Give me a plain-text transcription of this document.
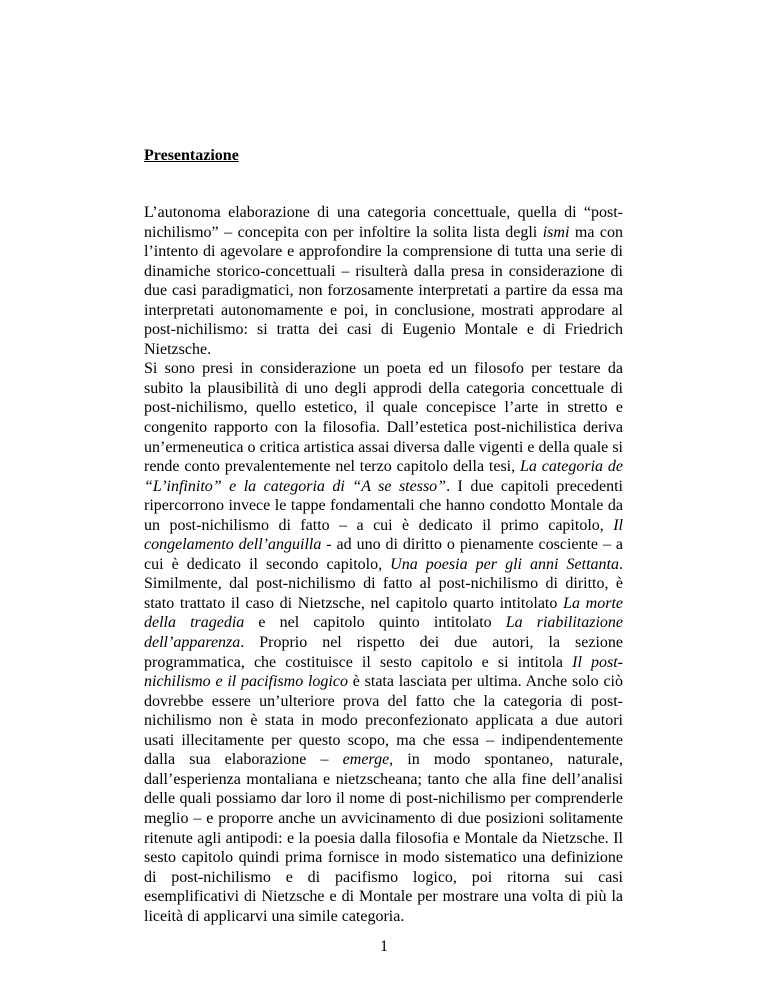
Presentazione

L’autonoma elaborazione di una categoria concettuale, quella di “post-nichilismo” – concepita con per infoltire la solita lista degli ismi ma con l’intento di agevolare e approfondire la comprensione di tutta una serie di dinamiche storico-concettuali – risulterà dalla presa in considerazione di due casi paradigmatici, non forzosamente interpretati a partire da essa ma interpretati autonomamente e poi, in conclusione, mostrati approdare al post-nichilismo: si tratta dei casi di Eugenio Montale e di Friedrich Nietzsche.

Si sono presi in considerazione un poeta ed un filosofo per testare da subito la plausibilità di uno degli approdi della categoria concettuale di post-nichilismo, quello estetico, il quale concepisce l’arte in stretto e congenito rapporto con la filosofia. Dall’estetica post-nichilistica deriva un’ermeneutica o critica artistica assai diversa dalle vigenti e della quale si rende conto prevalentemente nel terzo capitolo della tesi, La categoria de “L’infinito” e la categoria di “A se stesso”. I due capitoli precedenti ripercorrono invece le tappe fondamentali che hanno condotto Montale da un post-nichilismo di fatto – a cui è dedicato il primo capitolo, Il congelamento dell’anguilla - ad uno di diritto o pienamente cosciente – a cui è dedicato il secondo capitolo, Una poesia per gli anni Settanta. Similmente, dal post-nichilismo di fatto al post-nichilismo di diritto, è stato trattato il caso di Nietzsche, nel capitolo quarto intitolato La morte della tragedia e nel capitolo quinto intitolato La riabilitazione dell’apparenza. Proprio nel rispetto dei due autori, la sezione programmatica, che costituisce il sesto capitolo e si intitola Il post-nichilismo e il pacifismo logico è stata lasciata per ultima. Anche solo ciò dovrebbe essere un’ulteriore prova del fatto che la categoria di post-nichilismo non è stata in modo preconfezionato applicata a due autori usati illecitamente per questo scopo, ma che essa – indipendentemente dalla sua elaborazione – emerge, in modo spontaneo, naturale, dall’esperienza montaliana e nietzscheana; tanto che alla fine dell’analisi delle quali possiamo dar loro il nome di post-nichilismo per comprenderle meglio – e proporre anche un avvicinamento di due posizioni solitamente ritenute agli antipodi: e la poesia dalla filosofia e Montale da Nietzsche. Il sesto capitolo quindi prima fornisce in modo sistematico una definizione di post-nichilismo e di pacifismo logico, poi ritorna sui casi esemplificativi di Nietzsche e di Montale per mostrare una volta di più la liceità di applicarvi una simile categoria.

1
